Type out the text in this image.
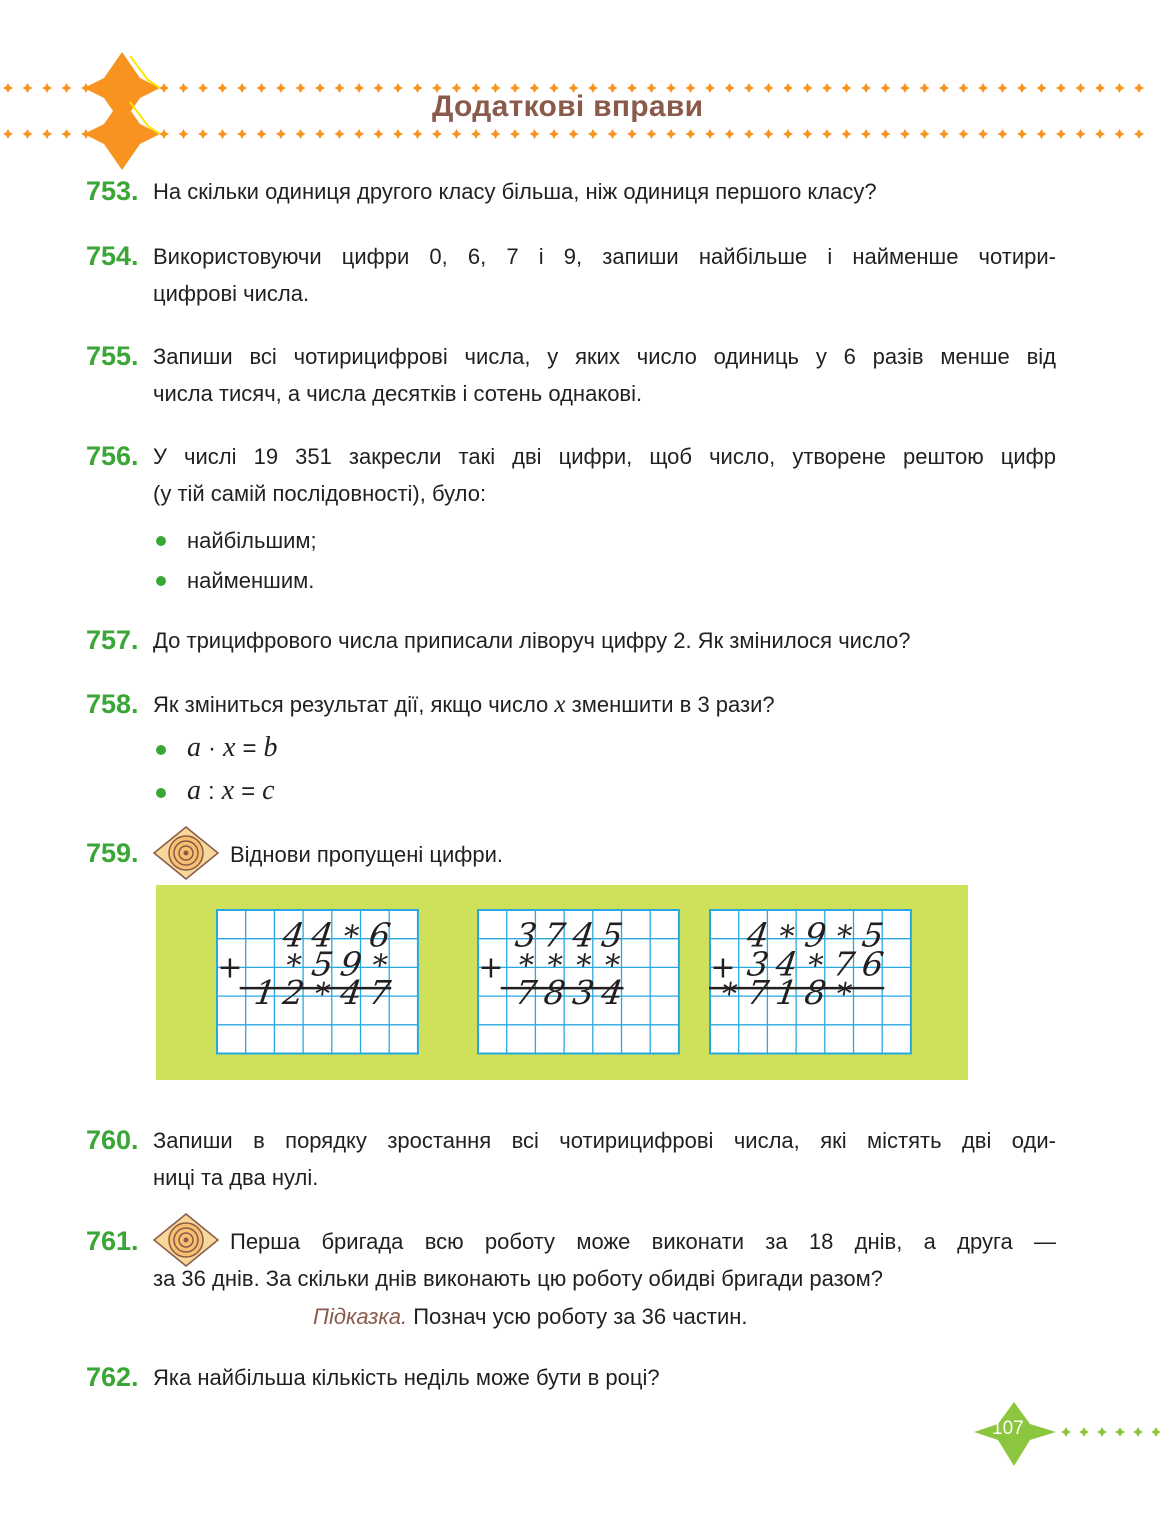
Додаткові вправи
753. На скільки одиниця другого класу більша, ніж одиниця першого класу?
754. Використовуючи цифри 0, 6, 7 і 9, запиши найбільше і найменше чотири-
цифрові числа.
755. Запиши всі чотирицифрові числа, у яких число одиниць у 6 разів менше від
числа тисяч, а числа десятків і сотень однакові.
756. У числі 19 351 закресли такі дві цифри, щоб число, утворене рештою цифр
(у тій самій послідовності), було:
найбільшим;
найменшим.
757. До трицифрового числа приписали ліворуч цифру 2. Як змінилося число?
758. Як зміниться результат дії, якщо число x зменшити в 3 рази?
a · x = b
a : x = c
759.	Віднови пропущені цифри.
+
4 4 * 6
* 5 9 *
1 2 * 4 7
+
3 7 4 5
* * * *
7 8 3 4
+
4 * 9 * 5
3 4 * 7 6
* 7 1 8 *
760. Запиши в порядку зростання всі чотирицифрові числа, які містять дві оди-
ниці та два нулі.
761.	Перша бригада всю роботу може виконати за 18 днів, а друга —
за 36 днів. За скільки днів виконають цю роботу обидві бригади разом?
Підказка. Познач усю роботу за 36 частин.
762. Яка найбільша кількість неділь може бути в році?
107
